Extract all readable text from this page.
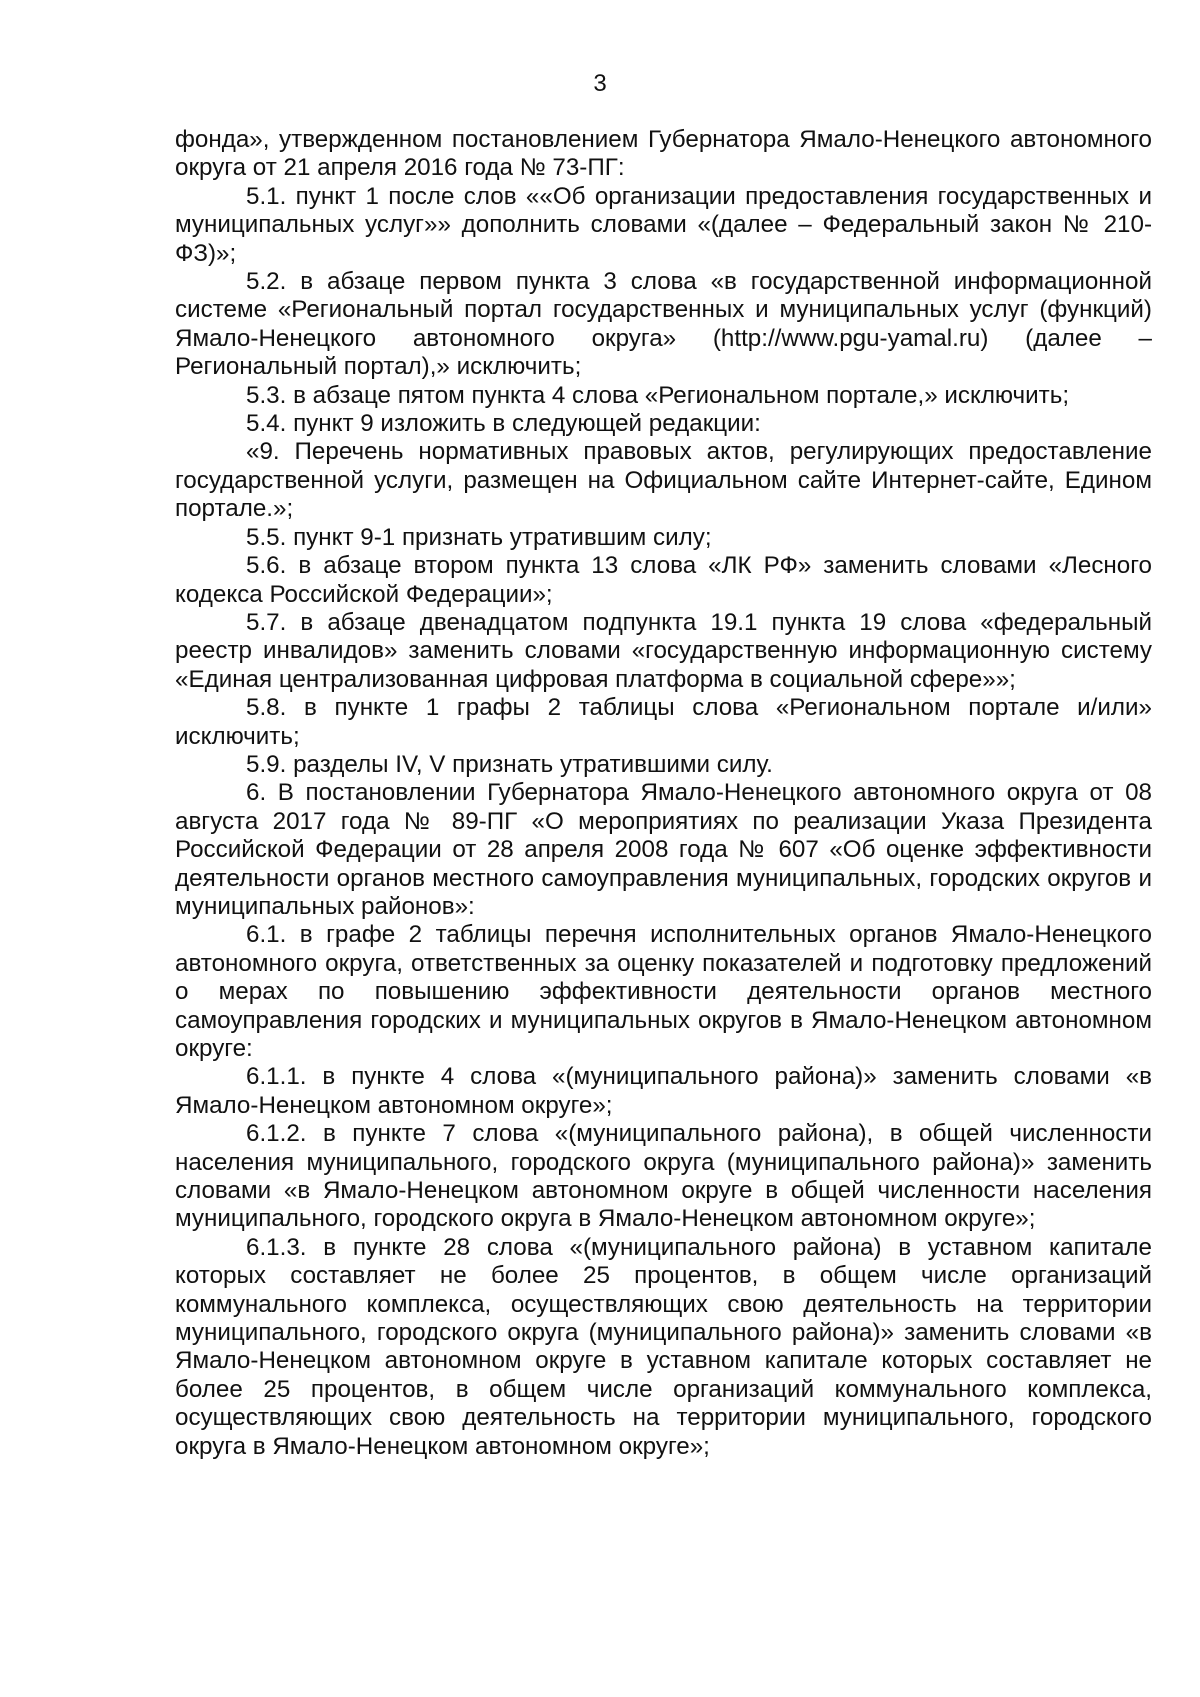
3

фонда», утвержденном постановлением Губернатора Ямало-Ненецкого автономного округа от 21 апреля 2016 года № 73-ПГ:

5.1. пункт 1 после слов ««Об организации предоставления государственных и муниципальных услуг»» дополнить словами «(далее – Федеральный закон № 210-ФЗ)»;

5.2. в абзаце первом пункта 3 слова «в государственной информационной системе «Региональный портал государственных и муниципальных услуг (функций) Ямало-Ненецкого автономного округа» (http://www.pgu-yamal.ru) (далее – Региональный портал),» исключить;

5.3. в абзаце пятом пункта 4 слова «Региональном портале,» исключить;

5.4. пункт 9 изложить в следующей редакции:

«9. Перечень нормативных правовых актов, регулирующих предоставление государственной услуги, размещен на Официальном сайте Интернет-сайте, Едином портале.»;

5.5. пункт 9-1 признать утратившим силу;

5.6. в абзаце втором пункта 13 слова «ЛК РФ» заменить словами «Лесного кодекса Российской Федерации»;

5.7. в абзаце двенадцатом подпункта 19.1 пункта 19 слова «федеральный реестр инвалидов» заменить словами «государственную информационную систему «Единая централизованная цифровая платформа в социальной сфере»»;

5.8. в пункте 1 графы 2 таблицы слова «Региональном портале и/или» исключить;

5.9. разделы IV, V признать утратившими силу.

6. В постановлении Губернатора Ямало-Ненецкого автономного округа от 08 августа 2017 года № 89-ПГ «О мероприятиях по реализации Указа Президента Российской Федерации от 28 апреля 2008 года № 607 «Об оценке эффективности деятельности органов местного самоуправления муниципальных, городских округов и муниципальных районов»:

6.1. в графе 2 таблицы перечня исполнительных органов Ямало-Ненецкого автономного округа, ответственных за оценку показателей и подготовку предложений о мерах по повышению эффективности деятельности органов местного самоуправления городских и муниципальных округов в Ямало-Ненецком автономном округе:

6.1.1. в пункте 4 слова «(муниципального района)» заменить словами «в Ямало-Ненецком автономном округе»;

6.1.2. в пункте 7 слова «(муниципального района), в общей численности населения муниципального, городского округа (муниципального района)» заменить словами «в Ямало-Ненецком автономном округе в общей численности населения муниципального, городского округа в Ямало-Ненецком автономном округе»;

6.1.3. в пункте 28 слова «(муниципального района) в уставном капитале которых составляет не более 25 процентов, в общем числе организаций коммунального комплекса, осуществляющих свою деятельность на территории муниципального, городского округа (муниципального района)» заменить словами «в Ямало-Ненецком автономном округе в уставном капитале которых составляет не более 25 процентов, в общем числе организаций коммунального комплекса, осуществляющих свою деятельность на территории муниципального, городского округа в Ямало-Ненецком автономном округе»;
